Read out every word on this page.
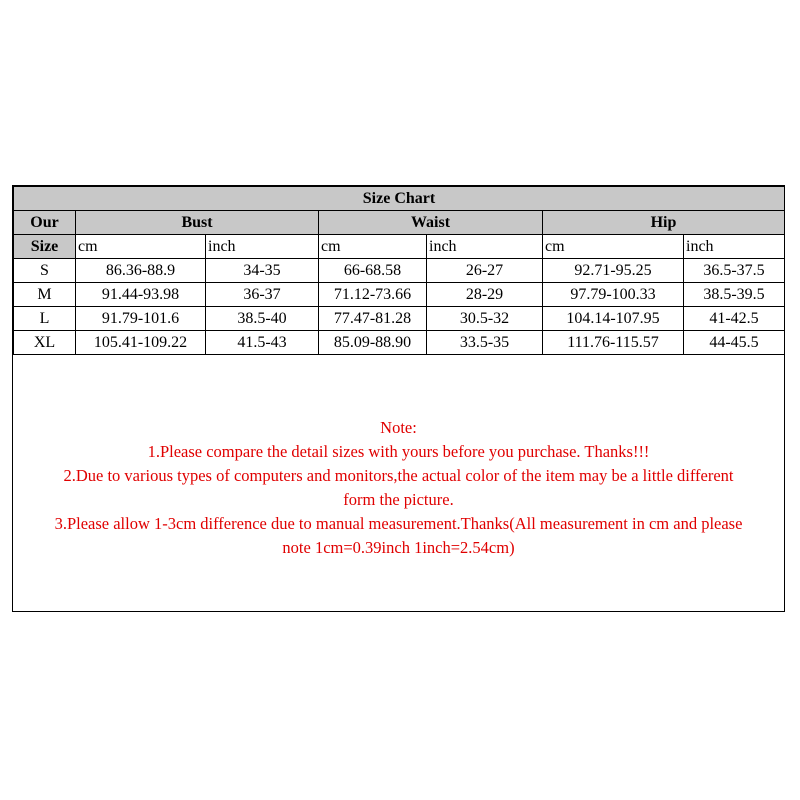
Size Chart						
Our	Bust		Waist		Hip	
Size	cm	inch	cm	inch	cm	inch
S	86.36-88.9	34-35	66-68.58	26-27	92.71-95.25	36.5-37.5
M	91.44-93.98	36-37	71.12-73.66	28-29	97.79-100.33	38.5-39.5
L	91.79-101.6	38.5-40	77.47-81.28	30.5-32	104.14-107.95	41-42.5
XL	105.41-109.22	41.5-43	85.09-88.90	33.5-35	111.76-115.57	44-45.5
Note:
1.Please compare the detail sizes with yours before you purchase. Thanks!!!
2.Due to various types of computers and monitors,the actual color of the item may be a little different
form the picture.
3.Please allow 1-3cm difference due to manual measurement.Thanks(All measurement in cm and please
note 1cm=0.39inch 1inch=2.54cm)
